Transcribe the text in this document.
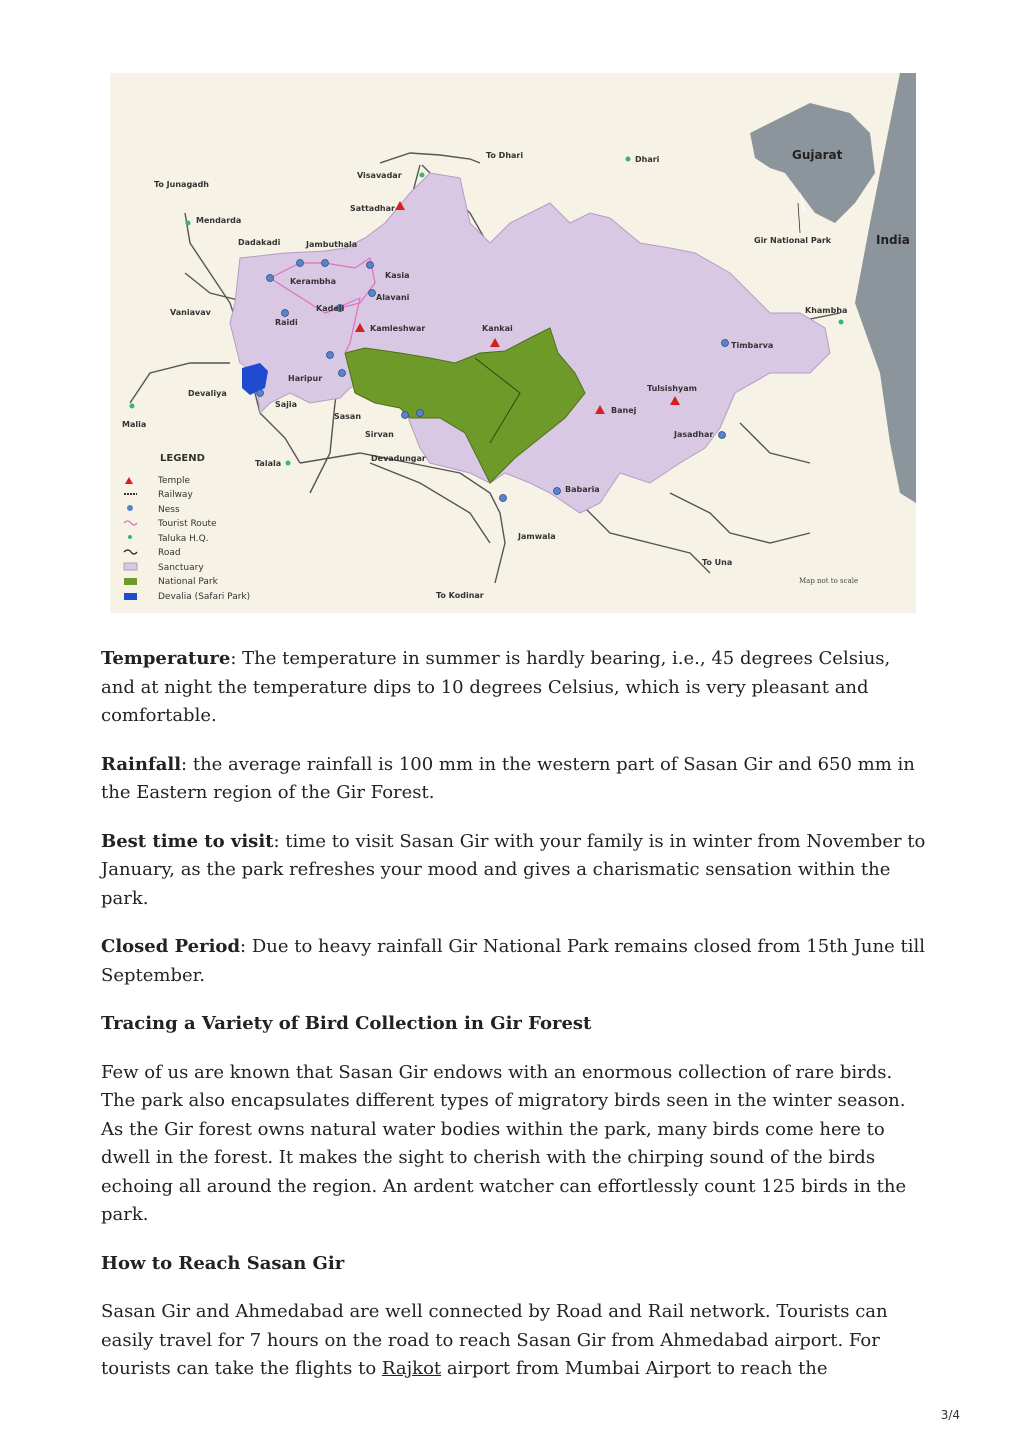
To Dhari	Dhari
Visavadar
To Junagadh
Sattadhar
Mendarda
Dadakadi	Jambuthala
Kasia
Kerambha
Alavani
Vaniavav	Kadeli
Raidi
Kamleshwar	Kankai
Khambha
Timbarva
Devaliya
Haripur
Tulsishyam
Malia
Sajia
Sasan
Banej
Sirvan	Jasadhar
Talala
Devadungar
Babaria
Jamwala
To Una
To Kodinar
Gujarat
India
Gir National Park
Map not to scale
LEGEND
Temple
Railway
Ness
Tourist Route
Taluka H.Q.
Road
Sanctuary
National Park
Devalia (Safari Park)

Temperature: The temperature in summer is hardly bearing, i.e., 45 degrees Celsius, and at night the temperature dips to 10 degrees Celsius, which is very pleasant and comfortable.

Rainfall: the average rainfall is 100 mm in the western part of Sasan Gir and 650 mm in the Eastern region of the Gir Forest.

Best time to visit: time to visit Sasan Gir with your family is in winter from November to January, as the park refreshes your mood and gives a charismatic sensation within the park.

Closed Period: Due to heavy rainfall Gir National Park remains closed from 15th June till September.

Tracing a Variety of Bird Collection in Gir Forest

Few of us are known that Sasan Gir endows with an enormous collection of rare birds. The park also encapsulates different types of migratory birds seen in the winter season. As the Gir forest owns natural water bodies within the park, many birds come here to dwell in the forest. It makes the sight to cherish with the chirping sound of the birds echoing all around the region. An ardent watcher can effortlessly count 125 birds in the park.

How to Reach Sasan Gir

Sasan Gir and Ahmedabad are well connected by Road and Rail network. Tourists can easily travel for 7 hours on the road to reach Sasan Gir from Ahmedabad airport. For tourists can take the flights to Rajkot airport from Mumbai Airport to reach the

3/4
